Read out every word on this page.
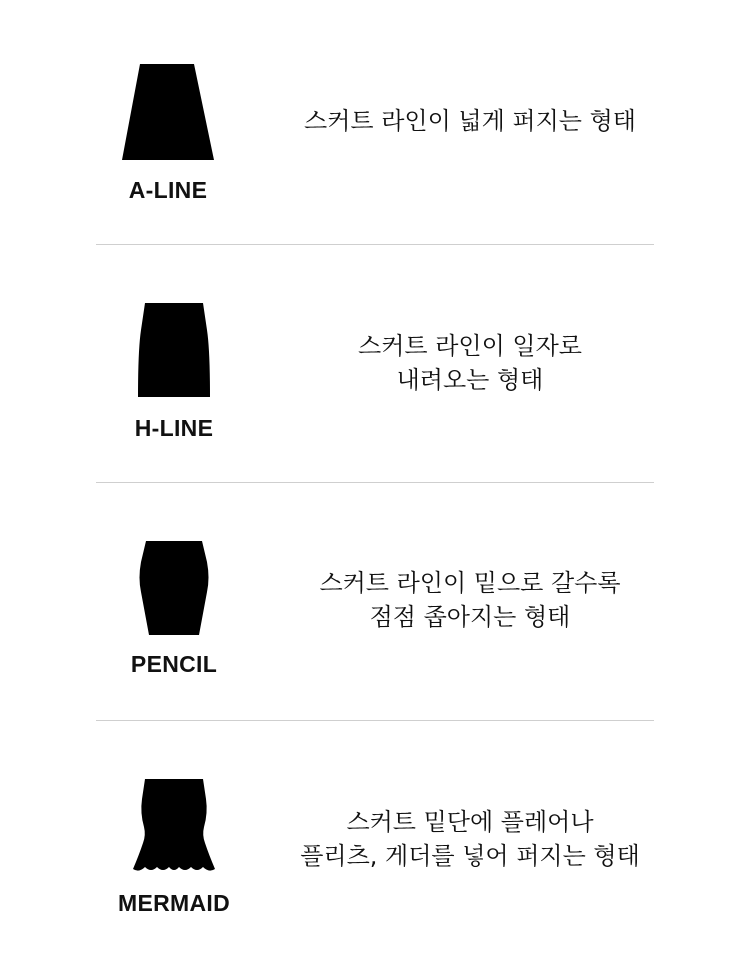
A-LINE
스커트 라인이 넓게 퍼지는 형태
H-LINE
스커트 라인이 일자로
내려오는 형태
PENCIL
스커트 라인이 밑으로 갈수록
점점 좁아지는 형태
MERMAID
스커트 밑단에 플레어나
플리츠, 게더를 넣어 퍼지는 형태
